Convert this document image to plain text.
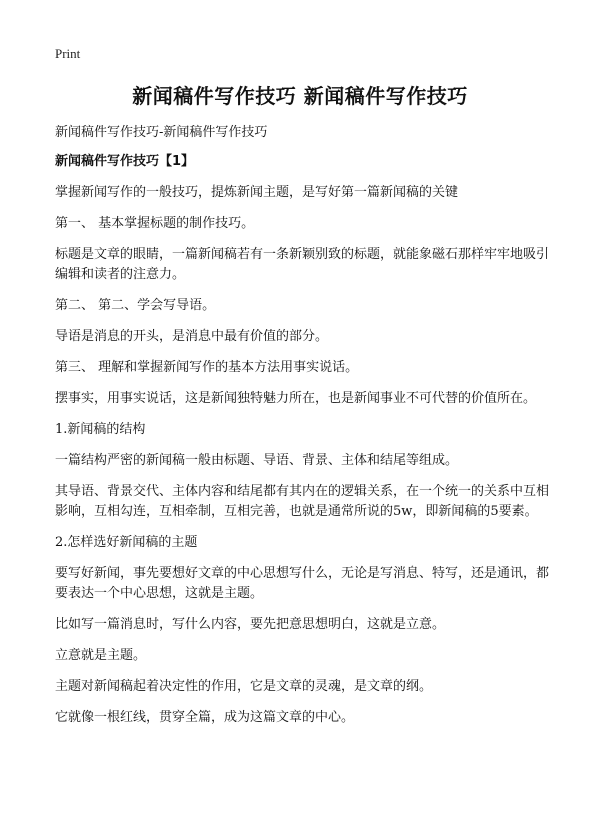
Print
新闻稿件写作技巧 新闻稿件写作技巧
新闻稿件写作技巧-新闻稿件写作技巧

新闻稿件写作技巧【1】

掌握新闻写作的一般技巧，提炼新闻主题，是写好第一篇新闻稿的关键

第一、 基本掌握标题的制作技巧。

标题是文章的眼睛，一篇新闻稿若有一条新颖别致的标题，就能象磁石那样牢牢地吸引编辑和读者的注意力。

第二、 第二、学会写导语。

导语是消息的开头，是消息中最有价值的部分。

第三、 理解和掌握新闻写作的基本方法用事实说话。

摆事实，用事实说话，这是新闻独特魅力所在，也是新闻事业不可代替的价值所在。

1.新闻稿的结构

一篇结构严密的新闻稿一般由标题、导语、背景、主体和结尾等组成。

其导语、背景交代、主体内容和结尾都有其内在的逻辑关系，在一个统一的关系中互相影响，互相勾连，互相牵制，互相完善，也就是通常所说的5w，即新闻稿的5要素。

2.怎样选好新闻稿的主题

要写好新闻，事先要想好文章的中心思想写什么，无论是写消息、特写，还是通讯，都要表达一个中心思想，这就是主题。

比如写一篇消息时，写什么内容，要先把意思想明白，这就是立意。

立意就是主题。

主题对新闻稿起着决定性的作用，它是文章的灵魂，是文章的纲。

它就像一根红线，贯穿全篇，成为这篇文章的中心。
